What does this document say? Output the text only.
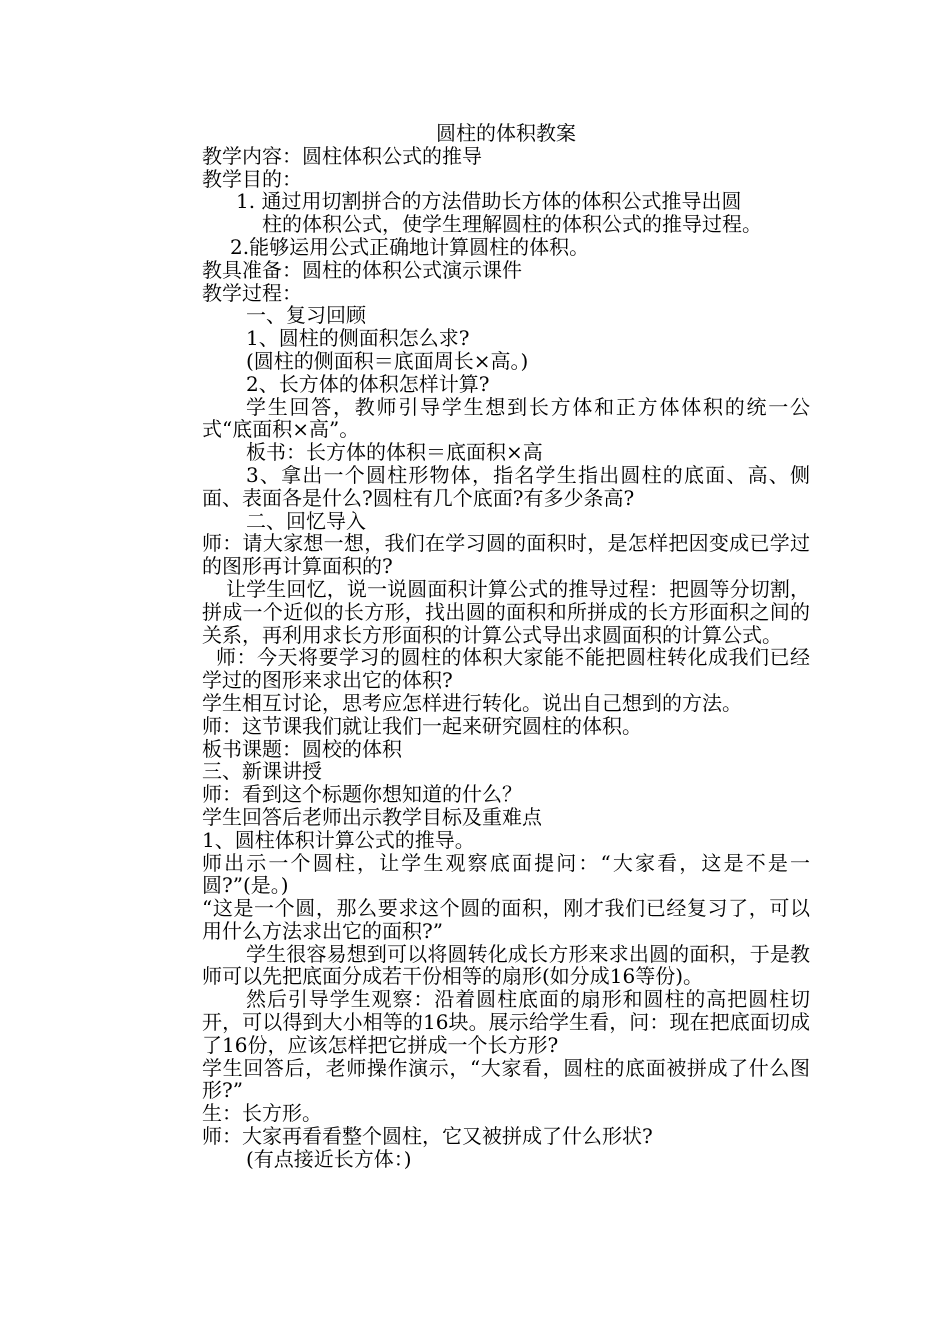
圆柱的体积教案

教学内容：圆柱体积公式的推导

教学目的：

1. 通过用切割拼合的方法借助长方体的体积公式推导出圆

柱的体积公式，使学生理解圆柱的体积公式的推导过程。

2.能够运用公式正确地计算圆柱的体积。

教具准备：圆柱的体积公式演示课件

教学过程：

一、复习回顾

1、圆柱的侧面积怎么求?

(圆柱的侧面积＝底面周长×高。)

2、长方体的体积怎样计算?

学生回答，教师引导学生想到长方体和正方体体积的统一公式“底面积×高”。

板书：长方体的体积＝底面积×高

3、拿出一个圆柱形物体，指名学生指出圆柱的底面、高、侧面、表面各是什么?圆柱有几个底面?有多少条高?

二、回忆导入

师：请大家想一想，我们在学习圆的面积时，是怎样把因变成已学过的图形再计算面积的?

让学生回忆，说一说圆面积计算公式的推导过程：把圆等分切割，拼成一个近似的长方形，找出圆的面积和所拼成的长方形面积之间的关系，再利用求长方形面积的计算公式导出求圆面积的计算公式。

师：今天将要学习的圆柱的体积大家能不能把圆柱转化成我们已经学过的图形来求出它的体积?

学生相互讨论，思考应怎样进行转化。说出自己想到的方法。

师：这节课我们就让我们一起来研究圆柱的体积。

板书课题：圆校的体积

三、新课讲授

师：看到这个标题你想知道的什么？

学生回答后老师出示教学目标及重难点

1、圆柱体积计算公式的推导。

师出示一个圆柱，让学生观察底面提问：“大家看，这是不是一圆?”(是。)

“这是一个圆，那么要求这个圆的面积，刚才我们已经复习了，可以用什么方法求出它的面积?”

学生很容易想到可以将圆转化成长方形来求出圆的面积，于是教师可以先把底面分成若干份相等的扇形(如分成16等份)。

然后引导学生观察：沿着圆柱底面的扇形和圆柱的高把圆柱切开，可以得到大小相等的16块。展示给学生看，问：现在把底面切成了16份，应该怎样把它拼成一个长方形?

学生回答后，老师操作演示，“大家看，圆柱的底面被拼成了什么图形?”

生：长方形。

师：大家再看看整个圆柱，它又被拼成了什么形状?

(有点接近长方体：)
